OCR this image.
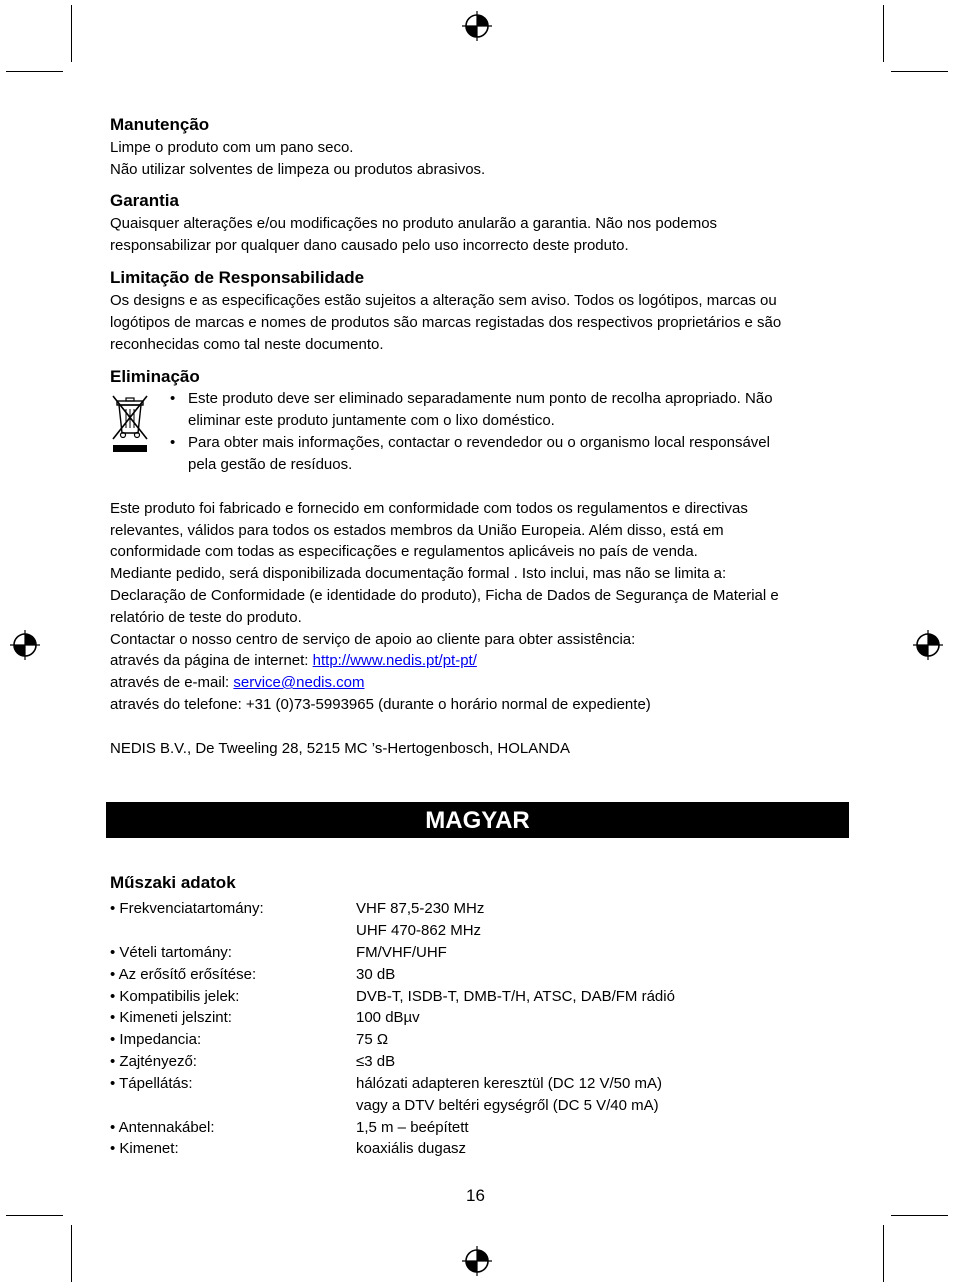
Manutenção
Limpe o produto com um pano seco.
Não utilizar solventes de limpeza ou produtos abrasivos.
Garantia
Quaisquer alterações e/ou modificações no produto anularão a garantia. Não nos podemos
responsabilizar por qualquer dano causado pelo uso incorrecto deste produto.
Limitação de Responsabilidade
Os designs e as especificações estão sujeitos a alteração sem aviso. Todos os logótipos, marcas ou
logótipos de marcas e nomes de produtos são marcas registadas dos respectivos proprietários e são
reconhecidas como tal neste documento.
Eliminação
• Este produto deve ser eliminado separadamente num ponto de recolha apropriado. Não
eliminar este produto juntamente com o lixo doméstico.
• Para obter mais informações, contactar o revendedor ou o organismo local responsável
pela gestão de resíduos.
Este produto foi fabricado e fornecido em conformidade com todos os regulamentos e directivas
relevantes, válidos para todos os estados membros da União Europeia. Além disso, está em
conformidade com todas as especificações e regulamentos aplicáveis no país de venda.
Mediante pedido, será disponibilizada documentação formal . Isto inclui, mas não se limita a:
Declaração de Conformidade (e identidade do produto), Ficha de Dados de Segurança de Material e
relatório de teste do produto.
Contactar o nosso centro de serviço de apoio ao cliente para obter assistência:
através da página de internet: http://www.nedis.pt/pt-pt/
através de e-mail: service@nedis.com
através do telefone: +31 (0)73-5993965 (durante o horário normal de expediente)
NEDIS B.V., De Tweeling 28, 5215 MC ’s-Hertogenbosch, HOLANDA
MAGYAR
Műszaki adatok
• Frekvenciatartomány:	VHF 87,5-230 MHz
UHF 470-862 MHz
• Vételi tartomány:	FM/VHF/UHF
• Az erősítő erősítése:	30 dB
• Kompatibilis jelek:	DVB-T, ISDB-T, DMB-T/H, ATSC, DAB/FM rádió
• Kimeneti jelszint:	100 dBµv
• Impedancia:	75 Ω
• Zajtényező:	≤3 dB
• Tápellátás:	hálózati adapteren keresztül (DC 12 V/50 mA)
vagy a DTV beltéri egységről (DC 5 V/40 mA)
• Antennakábel:	1,5 m – beépített
• Kimenet:	koaxiális dugasz
16
